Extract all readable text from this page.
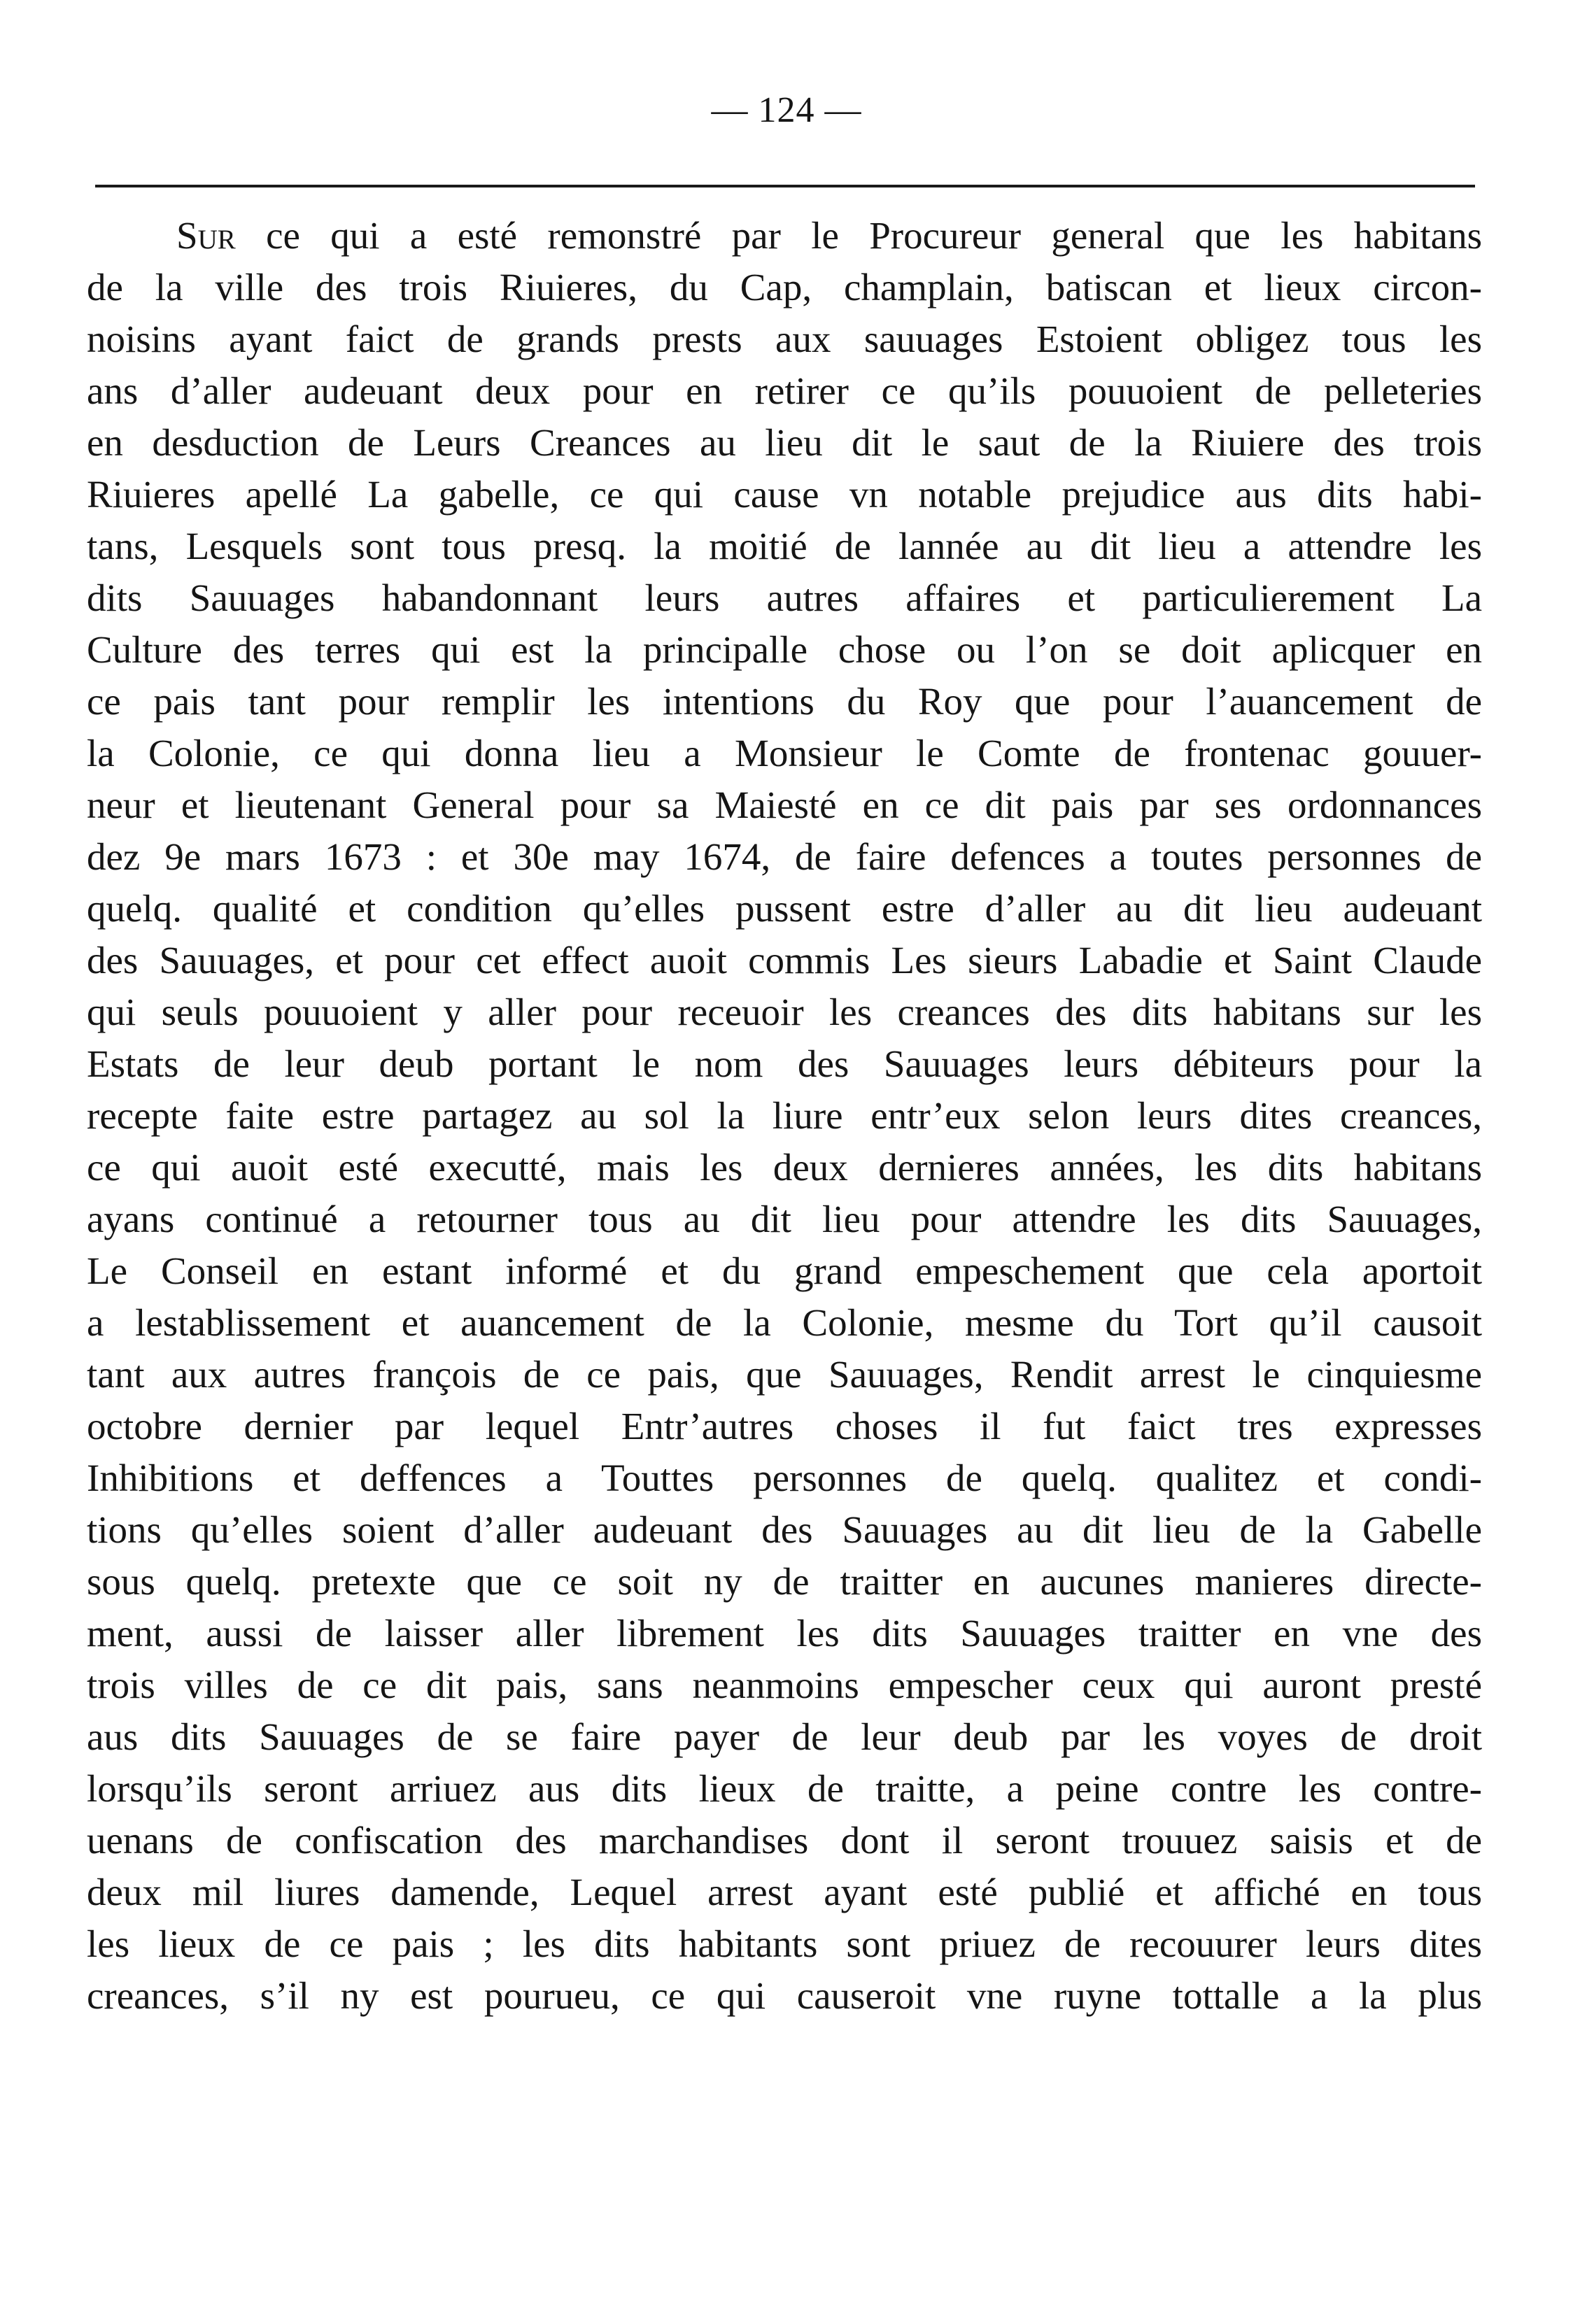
— 124 —
Sur ce qui a esté remonstré par le Procureur general que les habitans
de la ville des trois Riuieres, du Cap, champlain, batiscan et lieux circon-
noisins ayant faict de grands prests aux sauuages Estoient obligez tous les
ans d’aller audeuant deux pour en retirer ce qu’ils pouuoient de pelleteries
en desduction de Leurs Creances au lieu dit le saut de la Riuiere des trois
Riuieres apellé La gabelle, ce qui cause vn notable prejudice aus dits habi-
tans, Lesquels sont tous presq. la moitié de lannée au dit lieu a attendre les
dits Sauuages habandonnant leurs autres affaires et particulierement La
Culture des terres qui est la principalle chose ou l’on se doit aplicquer en
ce pais tant pour remplir les intentions du Roy que pour l’auancement de
la Colonie, ce qui donna lieu a Monsieur le Comte de frontenac gouuer-
neur et lieutenant General pour sa Maiesté en ce dit pais par ses ordonnances
dez 9e mars 1673 : et 30e may 1674, de faire defences a toutes personnes de
quelq. qualité et condition qu’elles pussent estre d’aller au dit lieu audeuant
des Sauuages, et pour cet effect auoit commis Les sieurs Labadie et Saint Claude
qui seuls pouuoient y aller pour receuoir les creances des dits habitans sur les
Estats de leur deub portant le nom des Sauuages leurs débiteurs pour la
recepte faite estre partagez au sol la liure entr’eux selon leurs dites creances,
ce qui auoit esté executté, mais les deux dernieres années, les dits habitans
ayans continué a retourner tous au dit lieu pour attendre les dits Sauuages,
Le Conseil en estant informé et du grand empeschement que cela aportoit
a lestablissement et auancement de la Colonie, mesme du Tort qu’il causoit
tant aux autres françois de ce pais, que Sauuages, Rendit arrest le cinquiesme
octobre dernier par lequel Entr’autres choses il fut faict tres expresses
Inhibitions et deffences a Touttes personnes de quelq. qualitez et condi-
tions qu’elles soient d’aller audeuant des Sauuages au dit lieu de la Gabelle
sous quelq. pretexte que ce soit ny de traitter en aucunes manieres directe-
ment, aussi de laisser aller librement les dits Sauuages traitter en vne des
trois villes de ce dit pais, sans neanmoins empescher ceux qui auront presté
aus dits Sauuages de se faire payer de leur deub par les voyes de droit
lorsqu’ils seront arriuez aus dits lieux de traitte, a peine contre les contre-
uenans de confiscation des marchandises dont il seront trouuez saisis et de
deux mil liures damende, Lequel arrest ayant esté publié et affiché en tous
les lieux de ce pais ; les dits habitants sont priuez de recouurer leurs dites
creances, s’il ny est pourueu, ce qui causeroit vne ruyne tottalle a la plus
